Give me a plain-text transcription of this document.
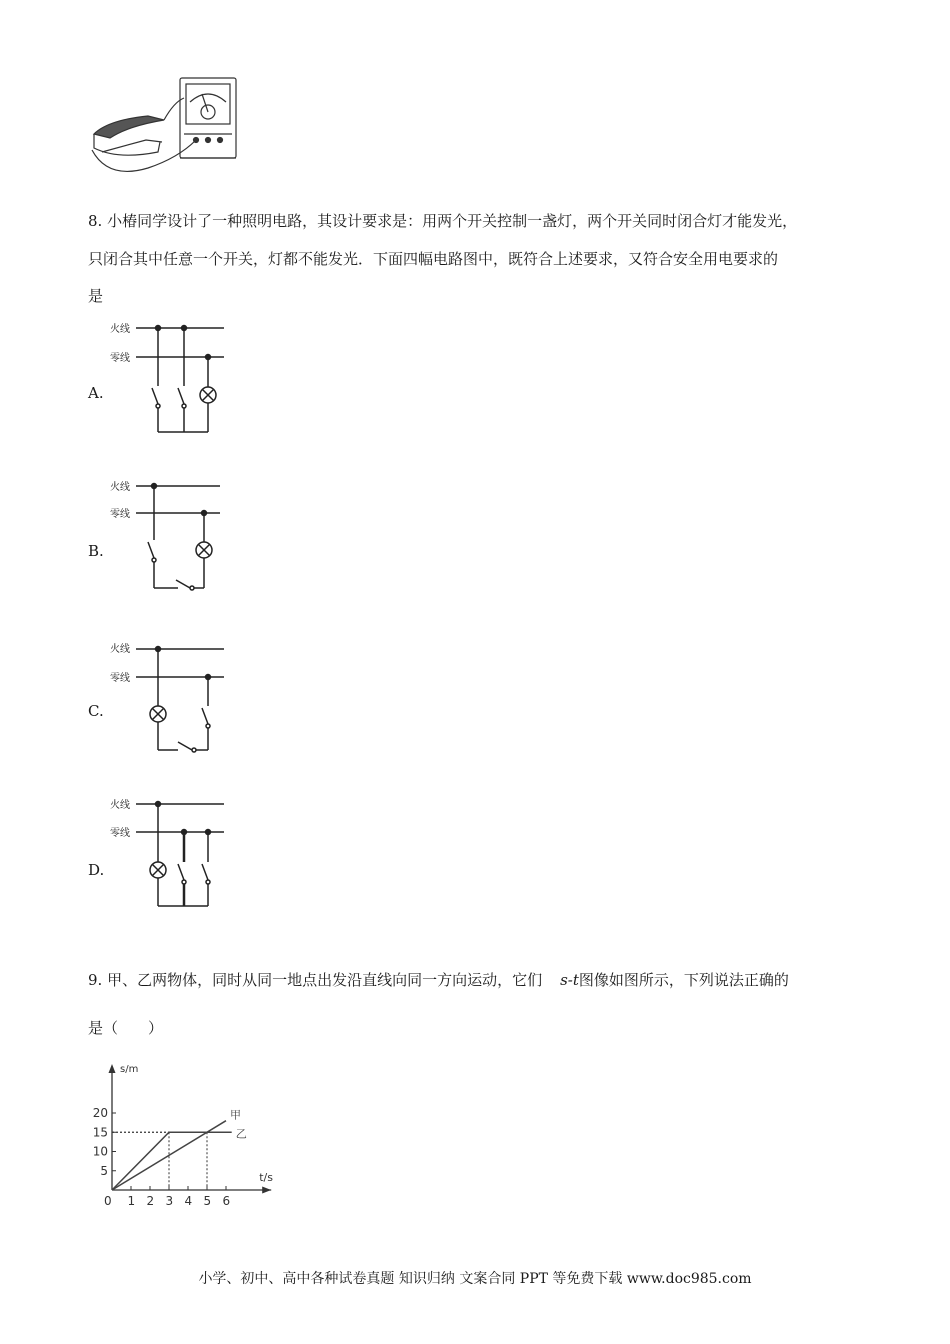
8. 小椿同学设计了一种照明电路，其设计要求是：用两个开关控制一盏灯，两个开关同时闭合灯才能发光，
只闭合其中任意一个开关，灯都不能发光．下面四幅电路图中，既符合上述要求，又符合安全用电要求的
是
A.
火线
零线
B.
火线
零线
C.
火线
零线
D.
火线
零线
9. 甲、乙两物体，同时从同一地点出发沿直线向同一方向运动，它们 s-t图像如图所示，下列说法正确的
是（　　）
s/m
t/s
0 1 2 3 4 5 6
5
10
15
20	甲
乙
小学、初中、高中各种试卷真题 知识归纳 文案合同 PPT 等免费下载 www.doc985.com
